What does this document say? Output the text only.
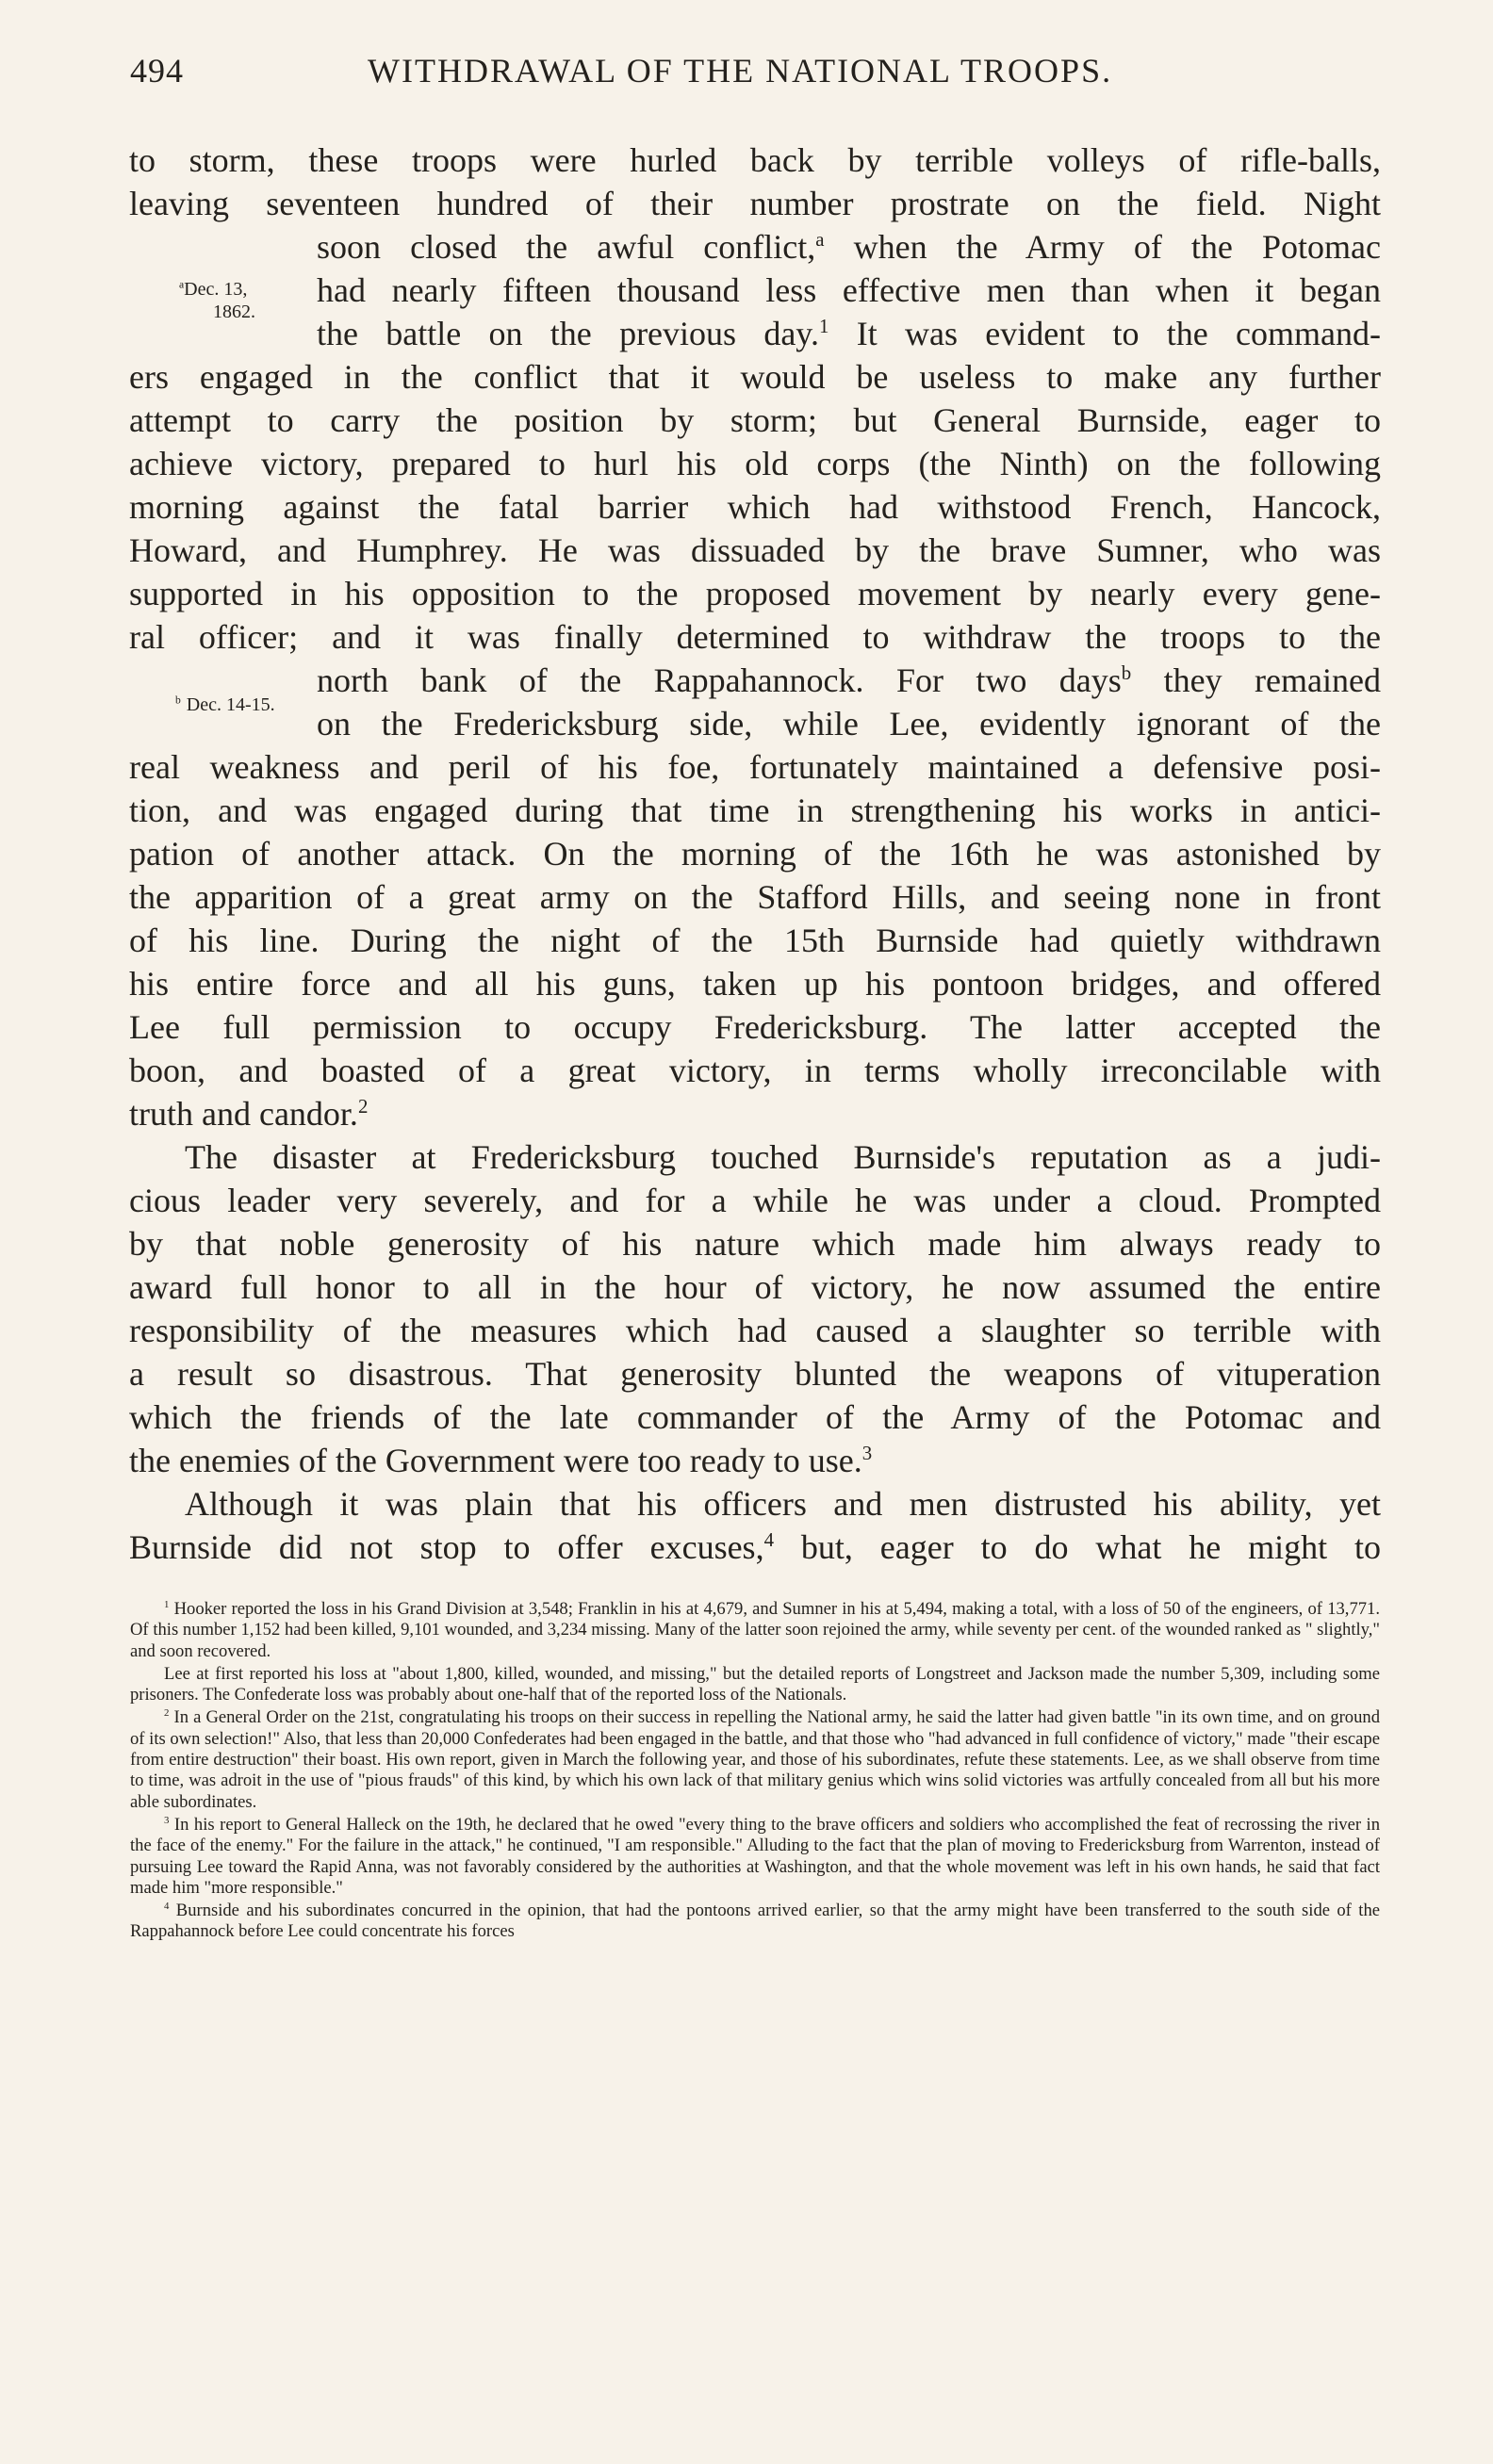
494	WITHDRAWAL OF THE NATIONAL TROOPS.
$^a$Dec. 13,
1862.
$^b$ Dec. 14-15.
to storm, these troops were hurled back by terrible volleys of rifle-balls,
leaving seventeen hundred of their number prostrate on the field. Night
soon closed the awful conflict,$^a$ when the Army of the Potomac
had nearly fifteen thousand less effective men than when it began
the battle on the previous day.$^1$ It was evident to the command-
ers engaged in the conflict that it would be useless to make any further
attempt to carry the position by storm; but General Burnside, eager to
achieve victory, prepared to hurl his old corps (the Ninth) on the following
morning against the fatal barrier which had withstood French, Hancock,
Howard, and Humphrey. He was dissuaded by the brave Sumner, who was
supported in his opposition to the proposed movement by nearly every gene-
ral officer; and it was finally determined to withdraw the troops to the
north bank of the Rappahannock. For two days$^b$ they remained
on the Fredericksburg side, while Lee, evidently ignorant of the
real weakness and peril of his foe, fortunately maintained a defensive posi-
tion, and was engaged during that time in strengthening his works in antici-
pation of another attack. On the morning of the 16th he was astonished by
the apparition of a great army on the Stafford Hills, and seeing none in front
of his line. During the night of the 15th Burnside had quietly withdrawn
his entire force and all his guns, taken up his pontoon bridges, and offered
Lee full permission to occupy Fredericksburg. The latter accepted the
boon, and boasted of a great victory, in terms wholly irreconcilable with
truth and candor.$^2$
The disaster at Fredericksburg touched Burnside's reputation as a judi-
cious leader very severely, and for a while he was under a cloud. Prompted
by that noble generosity of his nature which made him always ready to
award full honor to all in the hour of victory, he now assumed the entire
responsibility of the measures which had caused a slaughter so terrible with
a result so disastrous. That generosity blunted the weapons of vituperation
which the friends of the late commander of the Army of the Potomac and
the enemies of the Government were too ready to use.$^3$
Although it was plain that his officers and men distrusted his ability, yet
Burnside did not stop to offer excuses,$^4$ but, eager to do what he might to

$^1$ Hooker reported the loss in his Grand Division at 3,548; Franklin in his at 4,679, and Sumner in his at 5,494, making a total, with a loss of 50 of the engineers, of 13,771. Of this number 1,152 had been killed, 9,101 wounded, and 3,234 missing. Many of the latter soon rejoined the army, while seventy per cent. of the wounded ranked as " slightly," and soon recovered.

Lee at first reported his loss at "about 1,800, killed, wounded, and missing," but the detailed reports of Longstreet and Jackson made the number 5,309, including some prisoners. The Confederate loss was probably about one-half that of the reported loss of the Nationals.

$^2$ In a General Order on the 21st, congratulating his troops on their success in repelling the National army, he said the latter had given battle "in its own time, and on ground of its own selection!" Also, that less than 20,000 Confederates had been engaged in the battle, and that those who "had advanced in full confidence of victory," made "their escape from entire destruction" their boast. His own report, given in March the following year, and those of his subordinates, refute these statements. Lee, as we shall observe from time to time, was adroit in the use of "pious frauds" of this kind, by which his own lack of that military genius which wins solid victories was artfully concealed from all but his more able subordinates.

$^3$ In his report to General Halleck on the 19th, he declared that he owed "every thing to the brave officers and soldiers who accomplished the feat of recrossing the river in the face of the enemy." For the failure in the attack," he continued, "I am responsible." Alluding to the fact that the plan of moving to Fredericksburg from Warrenton, instead of pursuing Lee toward the Rapid Anna, was not favorably considered by the authorities at Washington, and that the whole movement was left in his own hands, he said that fact made him "more responsible."

$^4$ Burnside and his subordinates concurred in the opinion, that had the pontoons arrived earlier, so that the army might have been transferred to the south side of the Rappahannock before Lee could concentrate his forces
